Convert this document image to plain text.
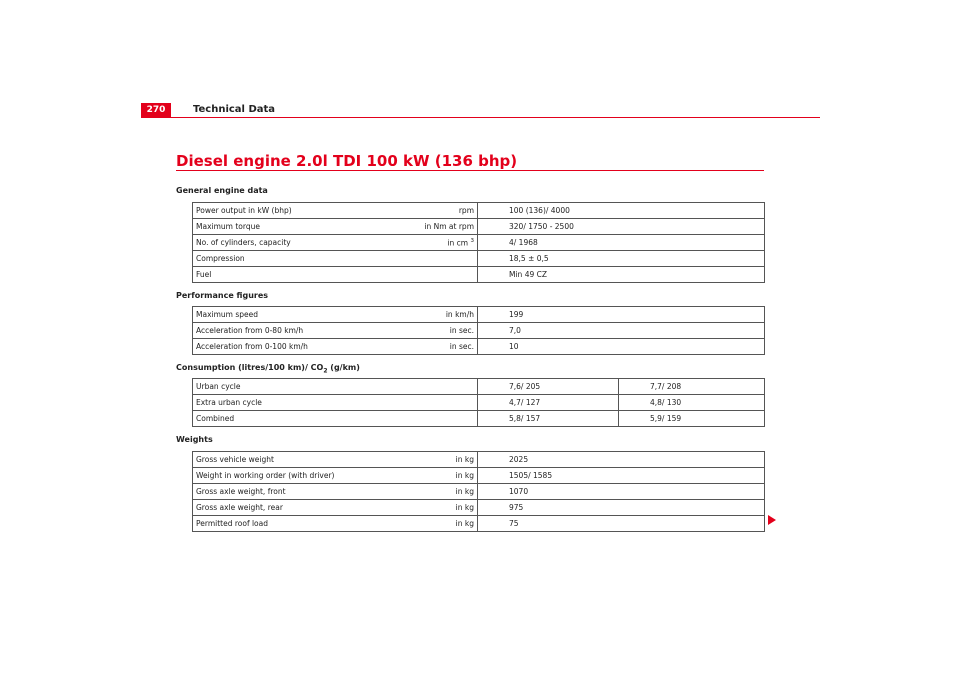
270	Technical Data
Diesel engine 2.0l TDI 100 kW (136 bhp)
General engine data
Power output in kW (bhp) rpm	100 (136)/ 4000

Maximum torque in Nm at rpm	320/ 1750 - 2500

No. of cylinders, capacity in cm $^3$	4/ 1968

Compression	18,5 ± 0,5

Fuel	Min 49 CZ
Performance figures
Maximum speed in km/h	199

Acceleration from 0-80 km/h in sec.	7,0

Acceleration from 0-100 km/h in sec.	10
Consumption (litres/100 km)/ $CO_2$ (g/km)
Urban cycle	7,6/ 205	7,7/ 208

Extra urban cycle	4,7/ 127	4,8/ 130

Combined	5,8/ 157	5,9/ 159
Weights
Gross vehicle weight in kg	2025

Weight in working order (with driver) in kg	1505/ 1585

Gross axle weight, front in kg	1070

Gross axle weight, rear in kg	975

Permitted roof load in kg	75
